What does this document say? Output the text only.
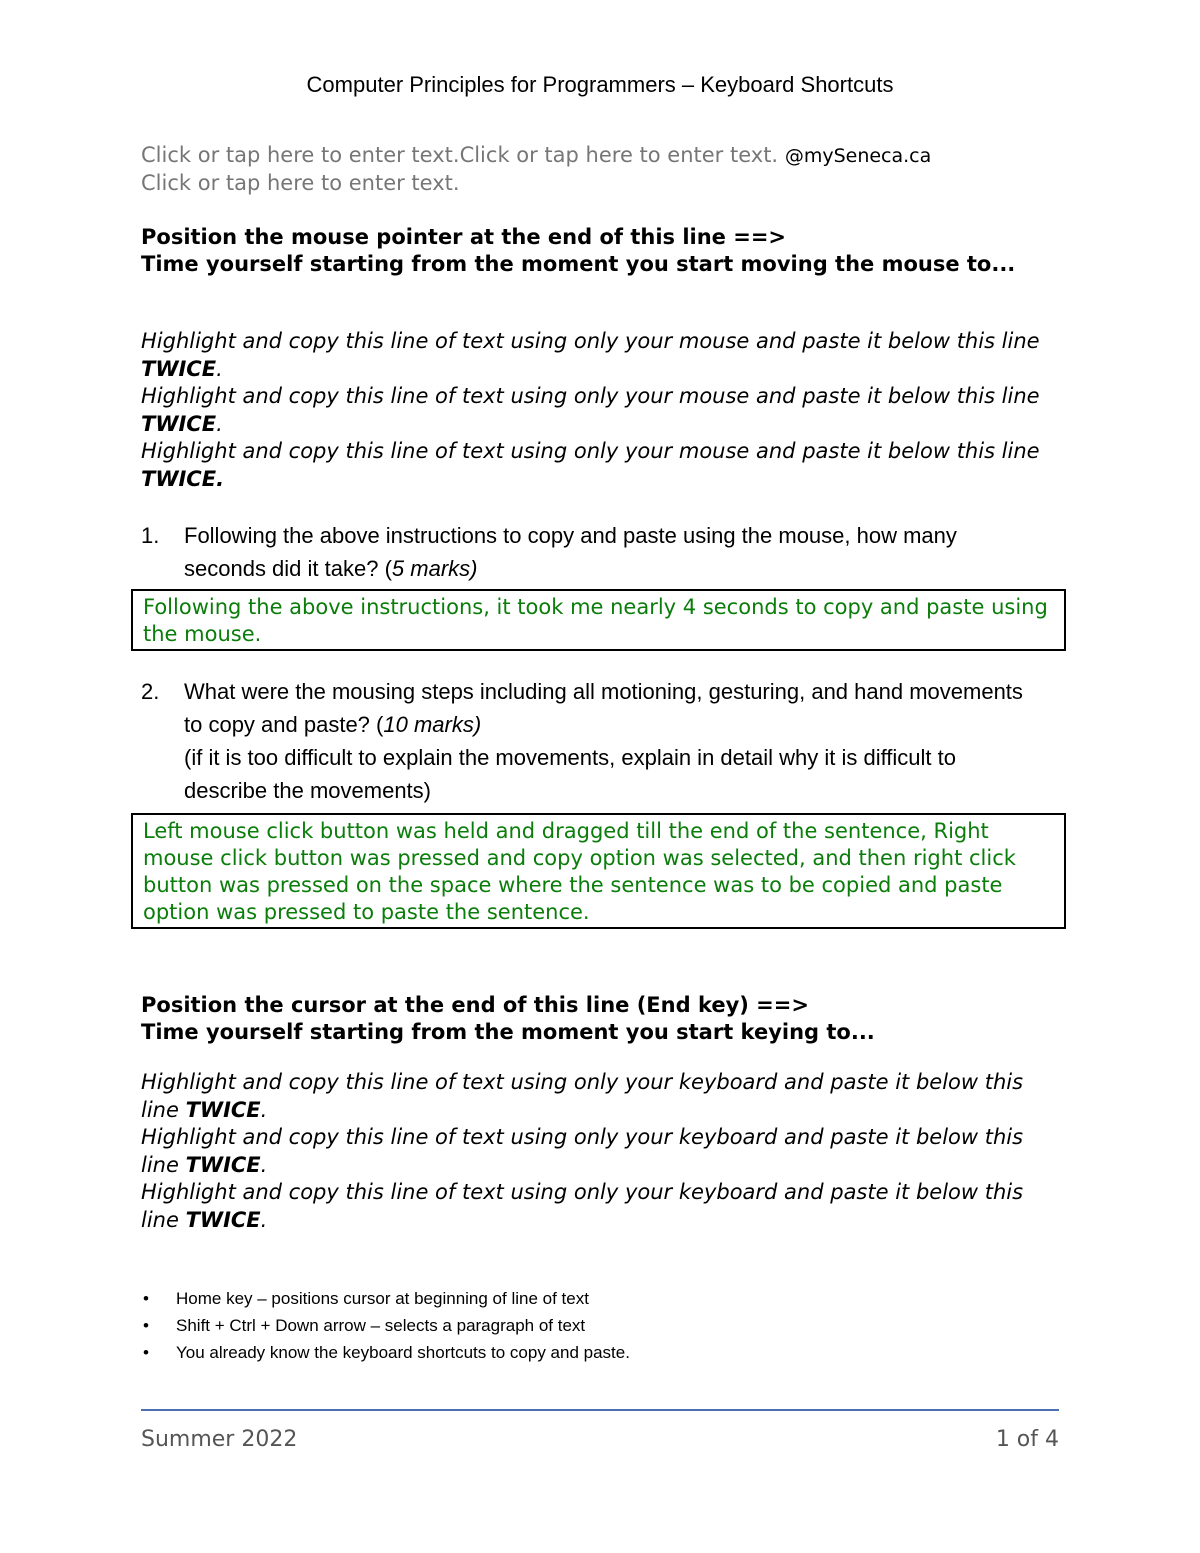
Computer Principles for Programmers – Keyboard Shortcuts
Click or tap here to enter text.Click or tap here to enter text. @mySeneca.ca
Click or tap here to enter text.
Position the mouse pointer at the end of this line ==>
Time yourself starting from the moment you start moving the mouse to...
Highlight and copy this line of text using only your mouse and paste it below this line TWICE.
Highlight and copy this line of text using only your mouse and paste it below this line TWICE.
Highlight and copy this line of text using only your mouse and paste it below this line TWICE.
1. Following the above instructions to copy and paste using the mouse, how many seconds did it take? (5 marks)
Following the above instructions, it took me nearly 4 seconds to copy and paste using the mouse.
2. What were the mousing steps including all motioning, gesturing, and hand movements to copy and paste? (10 marks)
(if it is too difficult to explain the movements, explain in detail why it is difficult to describe the movements)
Left mouse click button was held and dragged till the end of the sentence, Right mouse click button was pressed and copy option was selected, and then right click button was pressed on the space where the sentence was to be copied and paste option was pressed to paste the sentence.
Position the cursor at the end of this line (End key) ==>
Time yourself starting from the moment you start keying to...
Highlight and copy this line of text using only your keyboard and paste it below this line TWICE.
Highlight and copy this line of text using only your keyboard and paste it below this line TWICE.
Highlight and copy this line of text using only your keyboard and paste it below this line TWICE.
• Home key – positions cursor at beginning of line of text
• Shift + Ctrl + Down arrow – selects a paragraph of text
• You already know the keyboard shortcuts to copy and paste.
Summer 2022	1 of 4
